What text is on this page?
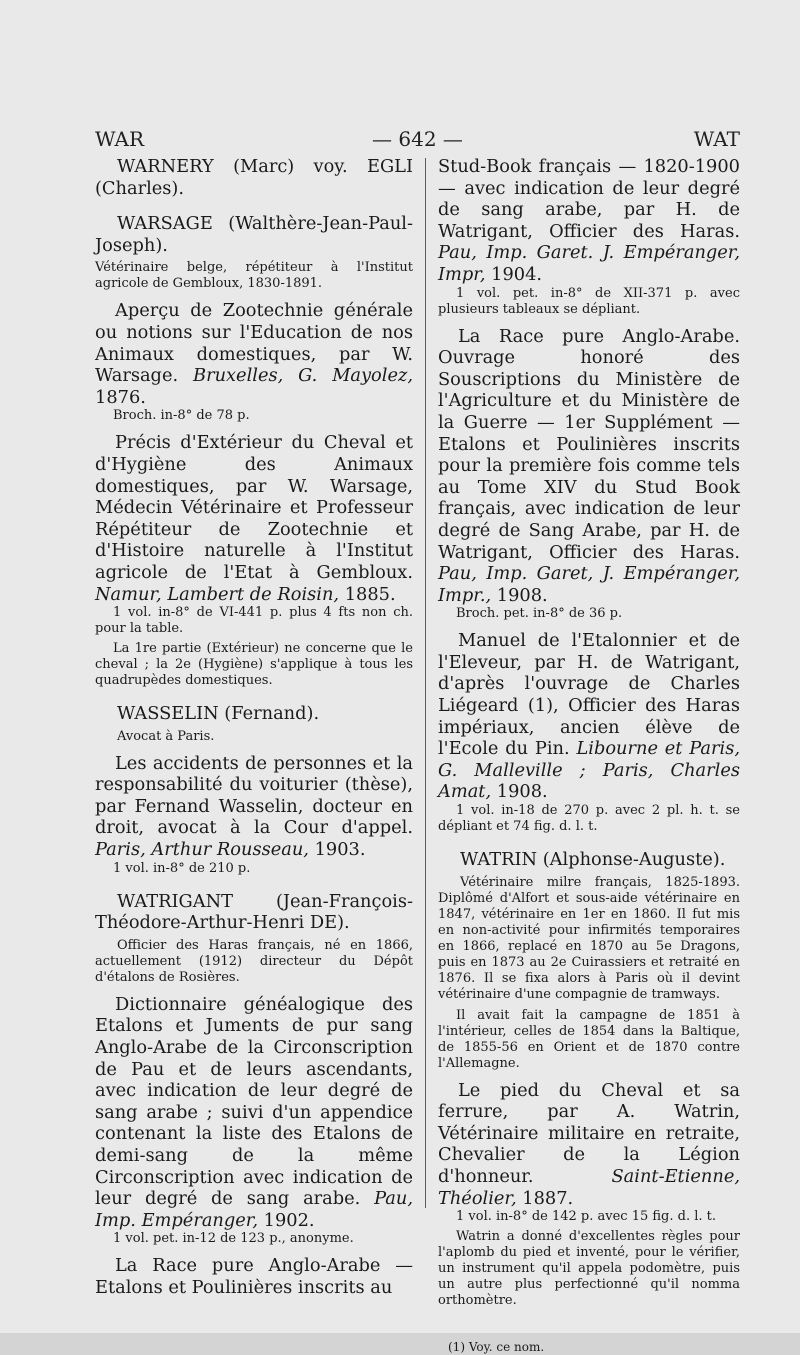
WAR	— 642 —	WAT

WARNERY (Marc) voy. EGLI (Charles).

WARSAGE (Walthère-Jean-Paul-Joseph).

Vétérinaire belge, répétiteur à l'Institut agricole de Gembloux, 1830-1891.

Aperçu de Zootechnie générale ou notions sur l'Education de nos Animaux domestiques, par W. Warsage. Bruxelles, G. Mayolez, 1876.

Broch. in-8° de 78 p.

Précis d'Extérieur du Cheval et d'Hygiène des Animaux domestiques, par W. Warsage, Médecin Vétérinaire et Professeur Répétiteur de Zootechnie et d'Histoire naturelle à l'Institut agricole de l'Etat à Gembloux. Namur, Lambert de Roisin, 1885.

1 vol. in-8° de VI-441 p. plus 4 fts non ch. pour la table.

La 1re partie (Extérieur) ne concerne que le cheval ; la 2e (Hygiène) s'applique à tous les quadrupèdes domestiques.

WASSELIN (Fernand).

Avocat à Paris.

Les accidents de personnes et la responsabilité du voiturier (thèse), par Fernand Wasselin, docteur en droit, avocat à la Cour d'appel. Paris, Arthur Rousseau, 1903.

1 vol. in-8° de 210 p.

WATRIGANT (Jean-François-Théodore-Arthur-Henri DE).

Officier des Haras français, né en 1866, actuellement (1912) directeur du Dépôt d'étalons de Rosières.

Dictionnaire généalogique des Etalons et Juments de pur sang Anglo-Arabe de la Circonscription de Pau et de leurs ascendants, avec indication de leur degré de sang arabe ; suivi d'un appendice contenant la liste des Etalons de demi-sang de la même Circonscription avec indication de leur degré de sang arabe. Pau, Imp. Empéranger, 1902.

1 vol. pet. in-12 de 123 p., anonyme.

La Race pure Anglo-Arabe — Etalons et Poulinières inscrits au

Stud-Book français — 1820-1900 — avec indication de leur degré de sang arabe, par H. de Watrigant, Officier des Haras. Pau, Imp. Garet. J. Empéranger, Impr, 1904.

1 vol. pet. in-8° de XII-371 p. avec plusieurs tableaux se dépliant.

La Race pure Anglo-Arabe. Ouvrage honoré des Souscriptions du Ministère de l'Agriculture et du Ministère de la Guerre — 1er Supplément — Etalons et Poulinières inscrits pour la première fois comme tels au Tome XIV du Stud Book français, avec indication de leur degré de Sang Arabe, par H. de Watrigant, Officier des Haras. Pau, Imp. Garet, J. Empéranger, Impr., 1908.

Broch. pet. in-8° de 36 p.

Manuel de l'Etalonnier et de l'Eleveur, par H. de Watrigant, d'après l'ouvrage de Charles Liégeard (1), Officier des Haras impériaux, ancien élève de l'Ecole du Pin. Libourne et Paris, G. Malleville ; Paris, Charles Amat, 1908.

1 vol. in-18 de 270 p. avec 2 pl. h. t. se dépliant et 74 fig. d. l. t.

WATRIN (Alphonse-Auguste).

Vétérinaire milre français, 1825-1893. Diplômé d'Alfort et sous-aide vétérinaire en 1847, vétérinaire en 1er en 1860. Il fut mis en non-activité pour infirmités temporaires en 1866, replacé en 1870 au 5e Dragons, puis en 1873 au 2e Cuirassiers et retraité en 1876. Il se fixa alors à Paris où il devint vétérinaire d'une compagnie de tramways.

Il avait fait la campagne de 1851 à l'intérieur, celles de 1854 dans la Baltique, de 1855-56 en Orient et de 1870 contre l'Allemagne.

Le pied du Cheval et sa ferrure, par A. Watrin, Vétérinaire militaire en retraite, Chevalier de la Légion d'honneur.	Saint-Etienne, Théolier, 1887.

1 vol. in-8° de 142 p. avec 15 fig. d. l. t.

Watrin a donné d'excellentes règles pour l'aplomb du pied et inventé, pour le vérifier, un instrument qu'il appela podomètre, puis un autre plus perfectionné qu'il nomma orthomètre.

(1) Voy. ce nom.
